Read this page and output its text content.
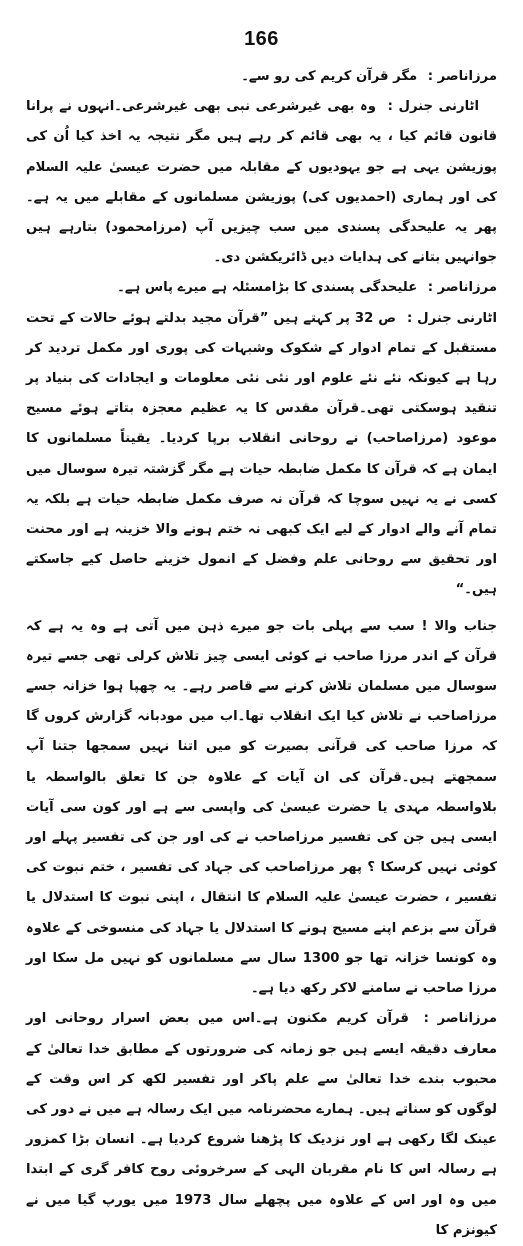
166

مرزاناصر : مگر قرآن کریم کی رو سے۔

اٹارنی جنرل : وہ بھی غیرشرعی نبی بھی غیرشرعی۔انہوں نے پرانا قانون قائم کیا ، یہ بھی قائم کر رہے ہیں مگر نتیجہ یہ اخذ کیا اُن کی پوزیشن یہی ہے جو یہودیوں کے مقابلہ میں حضرت عیسیٰ علیہ السلام کی اور ہماری (احمدیوں کی) پوزیشن مسلمانوں کے مقابلے میں یہ ہے۔ پھر یہ علیحدگی پسندی میں سب چیزیں آپ (مرزامحمود) بتارہے ہیں جوانہیں بتانے کی ہدایات دیں ڈائریکشن دی۔

مرزاناصر : علیحدگی پسندی کا بڑامسئلہ ہے میرے پاس ہے۔

اٹارنی جنرل : ص 32 پر کہتے ہیں ”قرآن مجید بدلتے ہوئے حالات کے تحت مستقبل کے تمام ادوار کے شکوک وشبہات کی پوری اور مکمل تردید کر رہا ہے کیونکہ نئے نئے علوم اور نئی نئی معلومات و ایجادات کی بنیاد پر تنقید ہوسکتی تھی۔قرآن مقدس کا یہ عظیم معجزہ بتاتے ہوئے مسیح موعود (مرزاصاحب) نے روحانی انقلاب برپا کردیا۔ یقیناً مسلمانوں کا ایمان ہے کہ قرآن کا مکمل ضابطہ حیات ہے مگر گزشتہ تیرہ سوسال میں کسی نے یہ نہیں سوچا کہ قرآن نہ صرف مکمل ضابطہ حیات ہے بلکہ یہ تمام آنے والے ادوار کے لیے ایک کبھی نہ ختم ہونے والا خزینہ ہے اور محنت اور تحقیق سے روحانی علم وفضل کے انمول خزینے حاصل کیے جاسکتے ہیں۔“

جناب والا ! سب سے پہلی بات جو میرے ذہن میں آتی ہے وہ یہ ہے کہ قرآن کے اندر مرزا صاحب نے کوئی ایسی چیز تلاش کرلی تھی جسے تیرہ سوسال میں مسلمان تلاش کرنے سے قاصر رہے۔ یہ چھپا ہوا خزانہ جسے مرزاصاحب نے تلاش کیا ایک انقلاب تھا۔اب میں مودبانہ گزارش کروں گا کہ مرزا صاحب کی قرآنی بصیرت کو میں اتنا نہیں سمجھا جتنا آپ سمجھتے ہیں۔قرآن کی ان آیات کے علاوہ جن کا تعلق بالواسطہ یا بلاواسطہ مہدی یا حضرت عیسیٰ کی واپسی سے ہے اور کون سی آیات ایسی ہیں جن کی تفسیر مرزاصاحب نے کی اور جن کی تفسیر پہلے اور کوئی نہیں کرسکا ؟ پھر مرزاصاحب کی جہاد کی تفسیر ، ختم نبوت کی تفسیر ، حضرت عیسیٰ علیہ السلام کا انتقال ، اپنی نبوت کا استدلال یا قرآن سے بزعم اپنے مسیح ہونے کا استدلال یا جہاد کی منسوخی کے علاوہ وہ کونسا خزانہ تھا جو 1300 سال سے مسلمانوں کو نہیں مل سکا اور مرزا صاحب نے سامنے لاکر رکھ دیا ہے۔

مرزاناصر : قرآن کریم مکنون ہے۔اس میں بعض اسرار روحانی اور معارف دقیقہ ایسے ہیں جو زمانہ کی ضرورتوں کے مطابق خدا تعالیٰ کے محبوب بندے خدا تعالیٰ سے علم پاکر اور تفسیر لکھ کر اس وقت کے لوگوں کو سناتے ہیں۔ ہمارے محضرنامہ میں ایک رسالہ ہے میں نے دور کی عینک لگا رکھی ہے اور نزدیک کا پڑھنا شروع کردیا ہے۔ انسان بڑا کمزور ہے رسالہ اس کا نام مقربان الہی کے سرخروئی روح کافر گری کے ابتدا میں وہ اور اس کے علاوہ میں پچھلے سال 1973 میں یورپ گیا میں نے کیونزم کا
